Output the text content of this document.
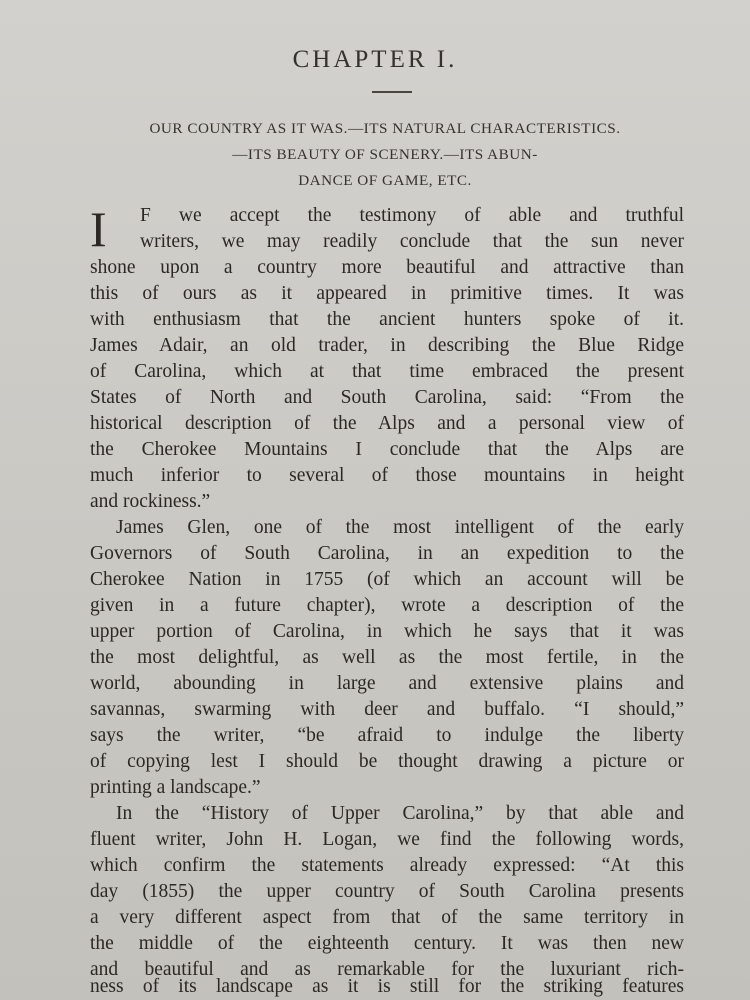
CHAPTER I.
OUR COUNTRY AS IT WAS.—ITS NATURAL CHARACTERISTICS.
—ITS BEAUTY OF SCENERY.—ITS ABUN-
DANCE OF GAME, ETC.
I F we accept the testimony of able and truthful
writers, we may readily conclude that the sun never
shone upon a country more beautiful and attractive than
this of ours as it appeared in primitive times. It was
with enthusiasm that the ancient hunters spoke of it.
James Adair, an old trader, in describing the Blue Ridge
of Carolina, which at that time embraced the present
States of North and South Carolina, said: “From the
historical description of the Alps and a personal view of
the Cherokee Mountains I conclude that the Alps are
much inferior to several of those mountains in height
and rockiness.”
James Glen, one of the most intelligent of the early
Governors of South Carolina, in an expedition to the
Cherokee Nation in 1755 (of which an account will be
given in a future chapter), wrote a description of the
upper portion of Carolina, in which he says that it was
the most delightful, as well as the most fertile, in the
world, abounding in large and extensive plains and
savannas, swarming with deer and buffalo. “I should,”
says the writer, “be afraid to indulge the liberty
of copying lest I should be thought drawing a picture or
printing a landscape.”
In the “History of Upper Carolina,” by that able and
fluent writer, John H. Logan, we find the following words,
which confirm the statements already expressed: “At this
day (1855) the upper country of South Carolina presents
a very different aspect from that of the same territory in
the middle of the eighteenth century. It was then new
and beautiful and as remarkable for the luxuriant rich-
ness of its landscape as it is still for the striking features
